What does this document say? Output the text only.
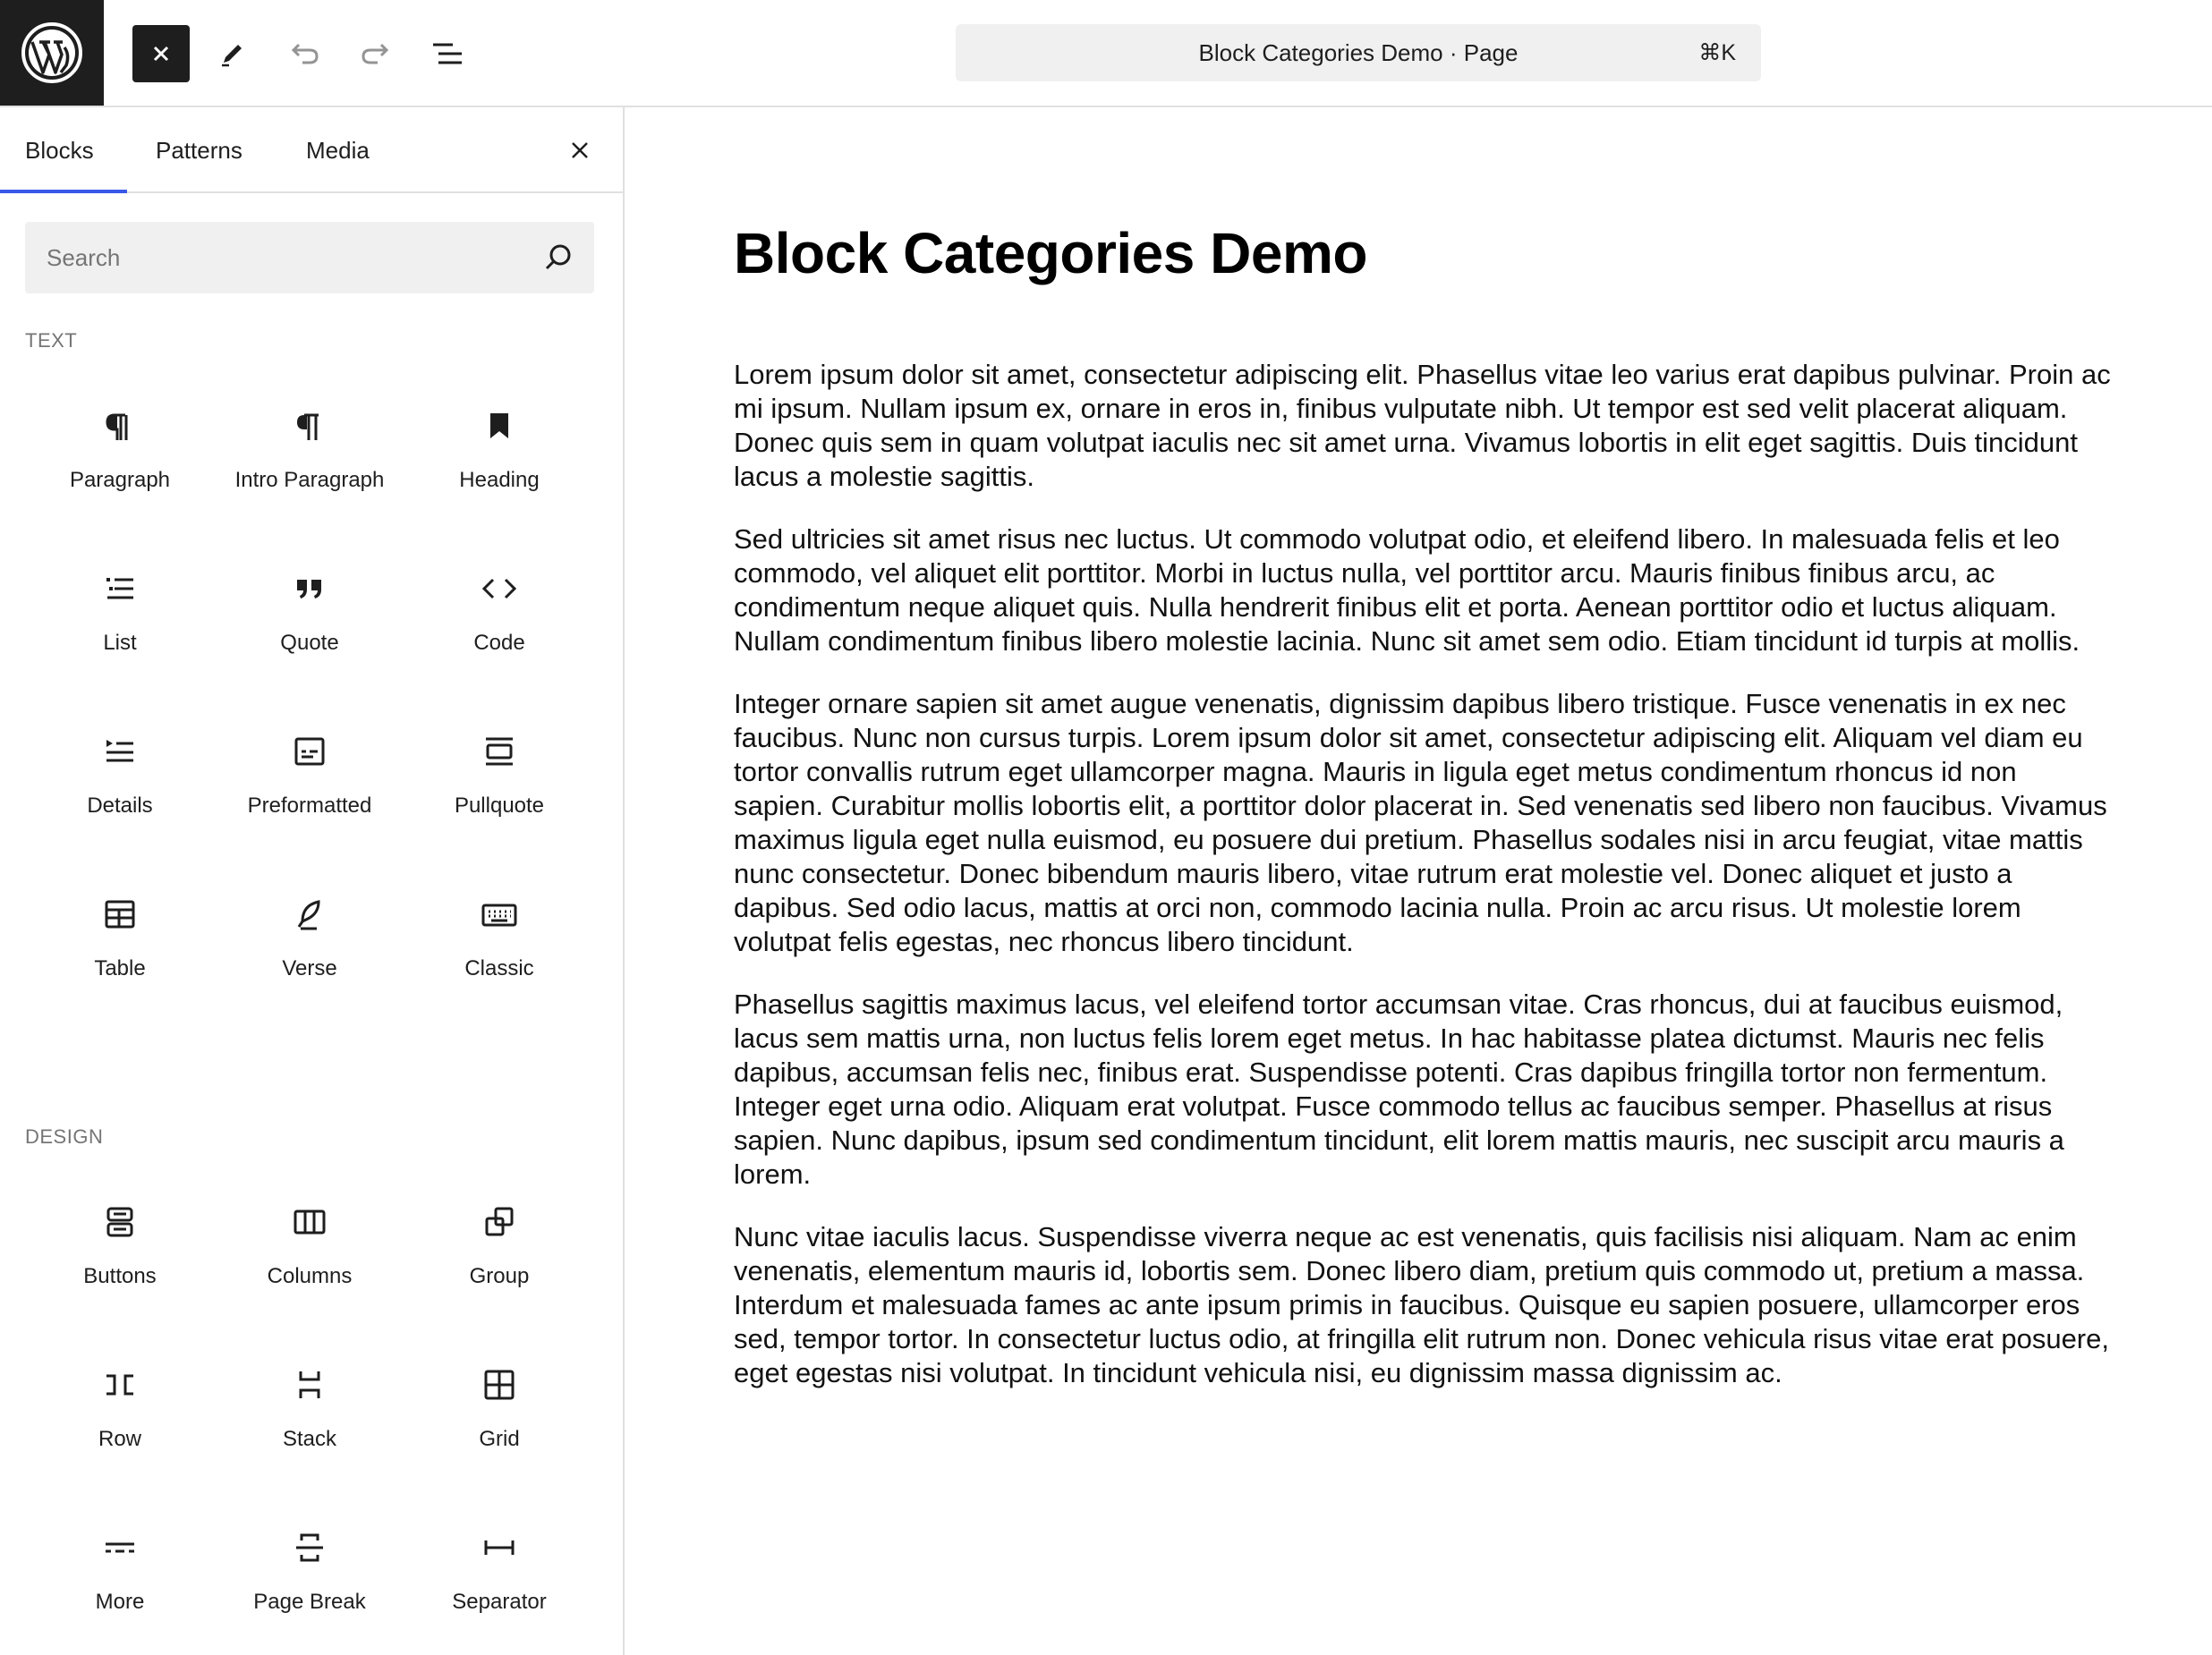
Block Categories Demo · Page	⌘K
Blocks	Patterns	Media
Search
TEXT
Paragraph	Intro Paragraph	Heading
List	Quote	Code
Details	Preformatted	Pullquote
Table	Verse	Classic
DESIGN
Buttons	Columns	Group
Row	Stack	Grid
More	Page Break	Separator
Block Categories Demo

Lorem ipsum dolor sit amet, consectetur adipiscing elit. Phasellus vitae leo varius erat dapibus pulvinar. Proin ac mi ipsum. Nullam ipsum ex, ornare in eros in, finibus vulputate nibh. Ut tempor est sed velit placerat aliquam. Donec quis sem in quam volutpat iaculis nec sit amet urna. Vivamus lobortis in elit eget sagittis. Duis tincidunt lacus a molestie sagittis.

Sed ultricies sit amet risus nec luctus. Ut commodo volutpat odio, et eleifend libero. In malesuada felis et leo commodo, vel aliquet elit porttitor. Morbi in luctus nulla, vel porttitor arcu. Mauris finibus finibus arcu, ac condimentum neque aliquet quis. Nulla hendrerit finibus elit et porta. Aenean porttitor odio et luctus aliquam. Nullam condimentum finibus libero molestie lacinia. Nunc sit amet sem odio. Etiam tincidunt id turpis at mollis.

Integer ornare sapien sit amet augue venenatis, dignissim dapibus libero tristique. Fusce venenatis in ex nec faucibus. Nunc non cursus turpis. Lorem ipsum dolor sit amet, consectetur adipiscing elit. Aliquam vel diam eu tortor convallis rutrum eget ullamcorper magna. Mauris in ligula eget metus condimentum rhoncus id non sapien. Curabitur mollis lobortis elit, a porttitor dolor placerat in. Sed venenatis sed libero non faucibus. Vivamus maximus ligula eget nulla euismod, eu posuere dui pretium. Phasellus sodales nisi in arcu feugiat, vitae mattis nunc consectetur. Donec bibendum mauris libero, vitae rutrum erat molestie vel. Donec aliquet et justo a dapibus. Sed odio lacus, mattis at orci non, commodo lacinia nulla. Proin ac arcu risus. Ut molestie lorem volutpat felis egestas, nec rhoncus libero tincidunt.

Phasellus sagittis maximus lacus, vel eleifend tortor accumsan vitae. Cras rhoncus, dui at faucibus euismod, lacus sem mattis urna, non luctus felis lorem eget metus. In hac habitasse platea dictumst. Mauris nec felis dapibus, accumsan felis nec, finibus erat. Suspendisse potenti. Cras dapibus fringilla tortor non fermentum. Integer eget urna odio. Aliquam erat volutpat. Fusce commodo tellus ac faucibus semper. Phasellus at risus sapien. Nunc dapibus, ipsum sed condimentum tincidunt, elit lorem mattis mauris, nec suscipit arcu mauris a lorem.

Nunc vitae iaculis lacus. Suspendisse viverra neque ac est venenatis, quis facilisis nisi aliquam. Nam ac enim venenatis, elementum mauris id, lobortis sem. Donec libero diam, pretium quis commodo ut, pretium a massa. Interdum et malesuada fames ac ante ipsum primis in faucibus. Quisque eu sapien posuere, ullamcorper eros sed, tempor tortor. In consectetur luctus odio, at fringilla elit rutrum non. Donec vehicula risus vitae erat posuere, eget egestas nisi volutpat. In tincidunt vehicula nisi, eu dignissim massa dignissim ac.
